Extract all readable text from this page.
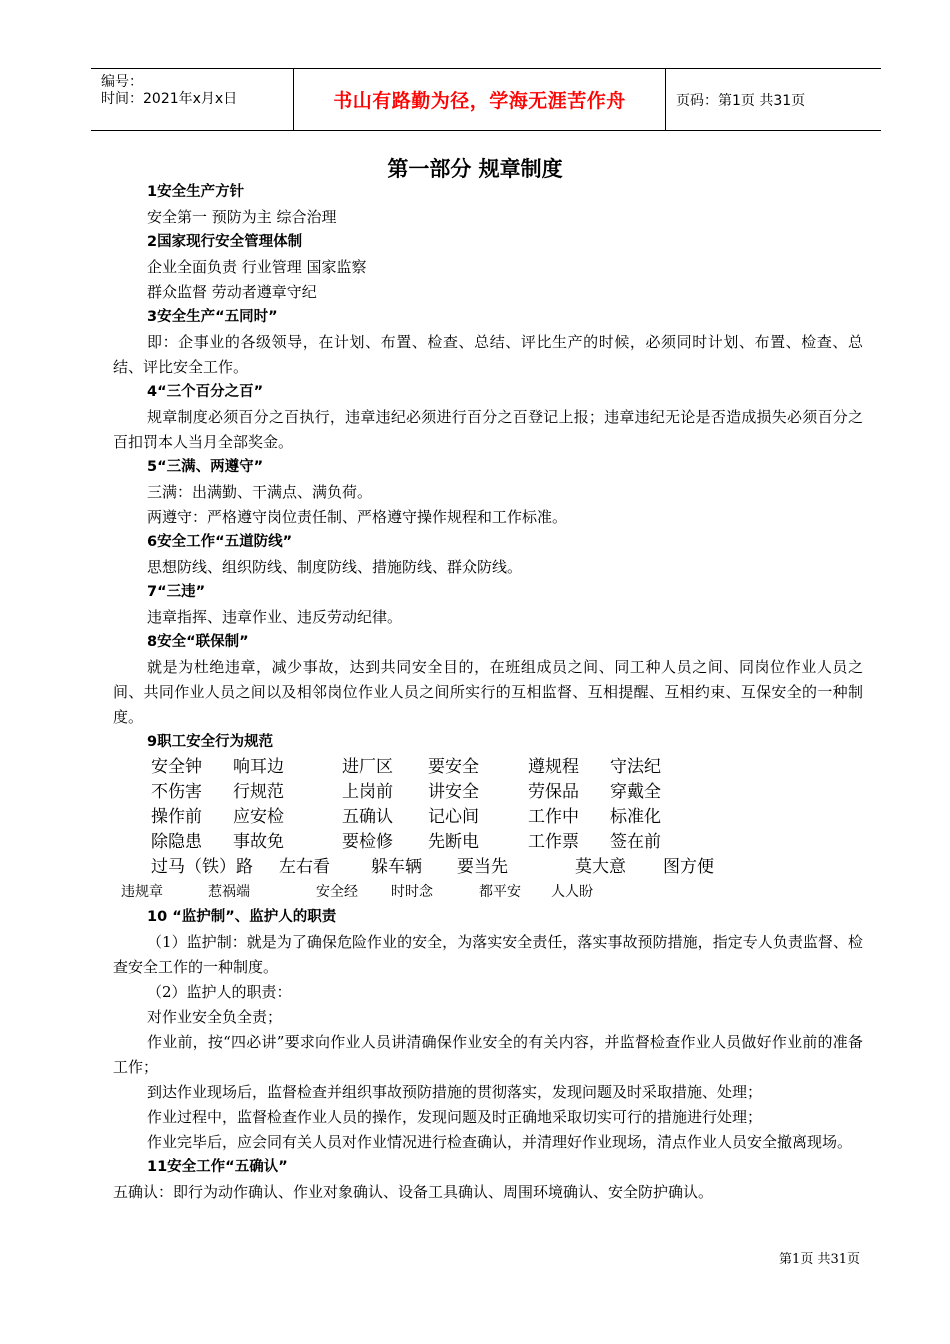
编号：
时间：2021年x月x日	书山有路勤为径，学海无涯苦作舟	页码：第1页 共31页
第一部分 规章制度
1安全生产方针
安全第一 预防为主 综合治理
2国家现行安全管理体制
企业全面负责 行业管理 国家监察
群众监督 劳动者遵章守纪
3安全生产“五同时”
即：企事业的各级领导，在计划、布置、检查、总结、评比生产的时候，必须同时计划、布置、检查、总结、评比安全工作。
4“三个百分之百”
规章制度必须百分之百执行，违章违纪必须进行百分之百登记上报；违章违纪无论是否造成损失必须百分之百扣罚本人当月全部奖金。
5“三满、两遵守”
三满：出满勤、干满点、满负荷。
两遵守：严格遵守岗位责任制、严格遵守操作规程和工作标准。
6安全工作“五道防线”
思想防线、组织防线、制度防线、措施防线、群众防线。
7“三违”
违章指挥、违章作业、违反劳动纪律。
8安全“联保制”
就是为杜绝违章，减少事故，达到共同安全目的，在班组成员之间、同工种人员之间、同岗位作业人员之间、共同作业人员之间以及相邻岗位作业人员之间所实行的互相监督、互相提醒、互相约束、互保安全的一种制度。
9职工安全行为规范
安全钟	响耳边	进厂区	要安全	遵规程	守法纪
不伤害	行规范	上岗前	讲安全	劳保品	穿戴全
操作前	应安检	五确认	记心间	工作中	标准化
除隐患	事故免	要检修	先断电	工作票	签在前
过马（铁）路	左右看	躲车辆	要当先	莫大意	图方便
违规章	惹祸端	安全经	时时念	都平安	人人盼
10 “监护制”、监护人的职责
（1）监护制：就是为了确保危险作业的安全，为落实安全责任，落实事故预防措施，指定专人负责监督、检查安全工作的一种制度。
（2）监护人的职责：
对作业安全负全责；
作业前，按“四必讲”要求向作业人员讲清确保作业安全的有关内容，并监督检查作业人员做好作业前的准备工作；
到达作业现场后，监督检查并组织事故预防措施的贯彻落实，发现问题及时采取措施、处理；
作业过程中，监督检查作业人员的操作，发现问题及时正确地采取切实可行的措施进行处理；
作业完毕后，应会同有关人员对作业情况进行检查确认，并清理好作业现场，清点作业人员安全撤离现场。
11安全工作“五确认”
五确认：即行为动作确认、作业对象确认、设备工具确认、周围环境确认、安全防护确认。
第1页 共31页
